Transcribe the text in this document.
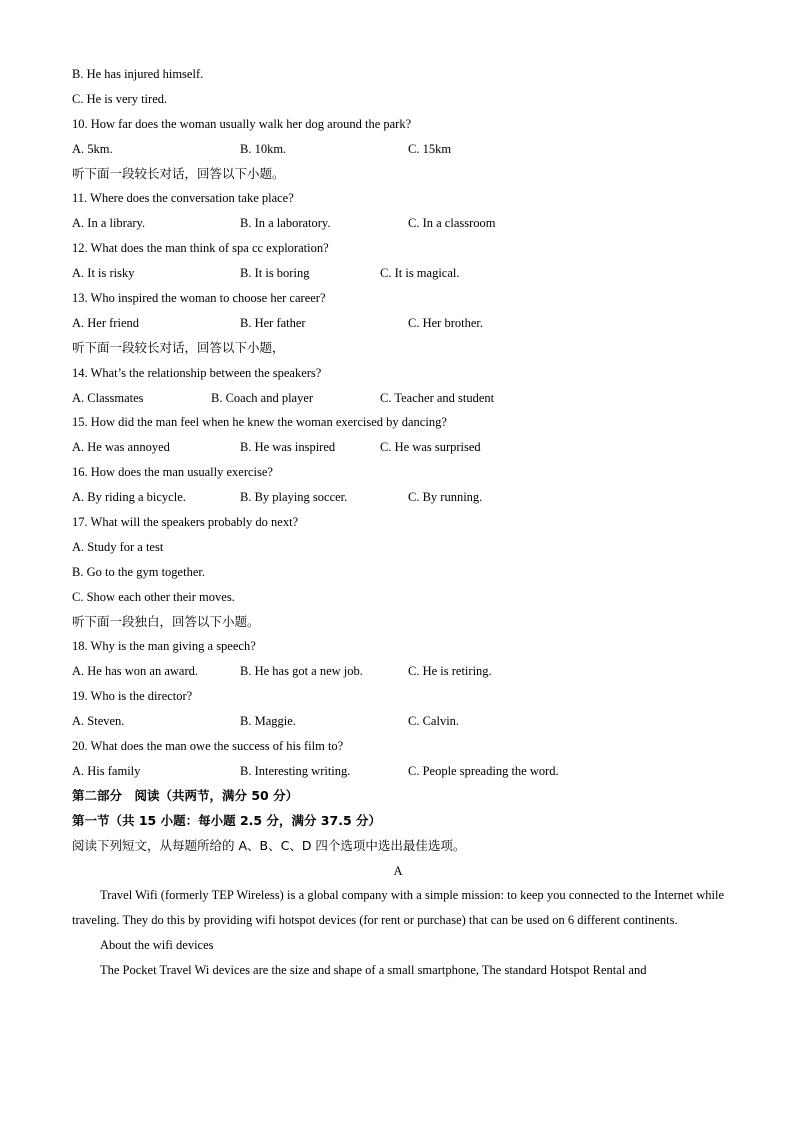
B. He has injured himself.
C. He is very tired.
10. How far does the woman usually walk her dog around the park?
A. 5km.	B. 10km.	C. 15km
听下面一段较长对话，回答以下小题。
11. Where does the conversation take place?
A. In a library.	B. In a laboratory.	C. In a classroom
12. What does the man think of spa cc exploration?
A. It is risky	B. It is boring	C. It is magical.
13. Who inspired the woman to choose her career?
A. Her friend	B. Her father	C. Her brother.
听下面一段较长对话，回答以下小题，
14. What’s the relationship between the speakers?
A. Classmates	B. Coach and player	C. Teacher and student
15. How did the man feel when he knew the woman exercised by dancing?
A. He was annoyed	B. He was inspired	C. He was surprised
16. How does the man usually exercise?
A. By riding a bicycle.	B. By playing soccer.	C. By running.
17. What will the speakers probably do next?
A. Study for a test
B. Go to the gym together.
C. Show each other their moves.
听下面一段独白，回答以下小题。
18. Why is the man giving a speech?
A. He has won an award.	B. He has got a new job.	C. He is retiring.
19. Who is the director?
A. Steven.	B. Maggie.	C. Calvin.
20. What does the man owe the success of his film to?
A. His family	B. Interesting writing.	C. People spreading the word.
第二部分　阅读（共两节，满分 50 分）
第一节（共 15 小题：每小题 2.5 分，满分 37.5 分）
阅读下列短文，从每题所给的 A、B、C、D 四个选项中选出最佳选项。
A
Travel Wifi (formerly TEP Wireless) is a global company with a simple mission: to keep you connected to the Internet while traveling. They do this by providing wifi hotspot devices (for rent or purchase) that can be used on 6 different continents.
About the wifi devices
The Pocket Travel Wi devices are the size and shape of a small smartphone, The standard Hotspot Rental and
